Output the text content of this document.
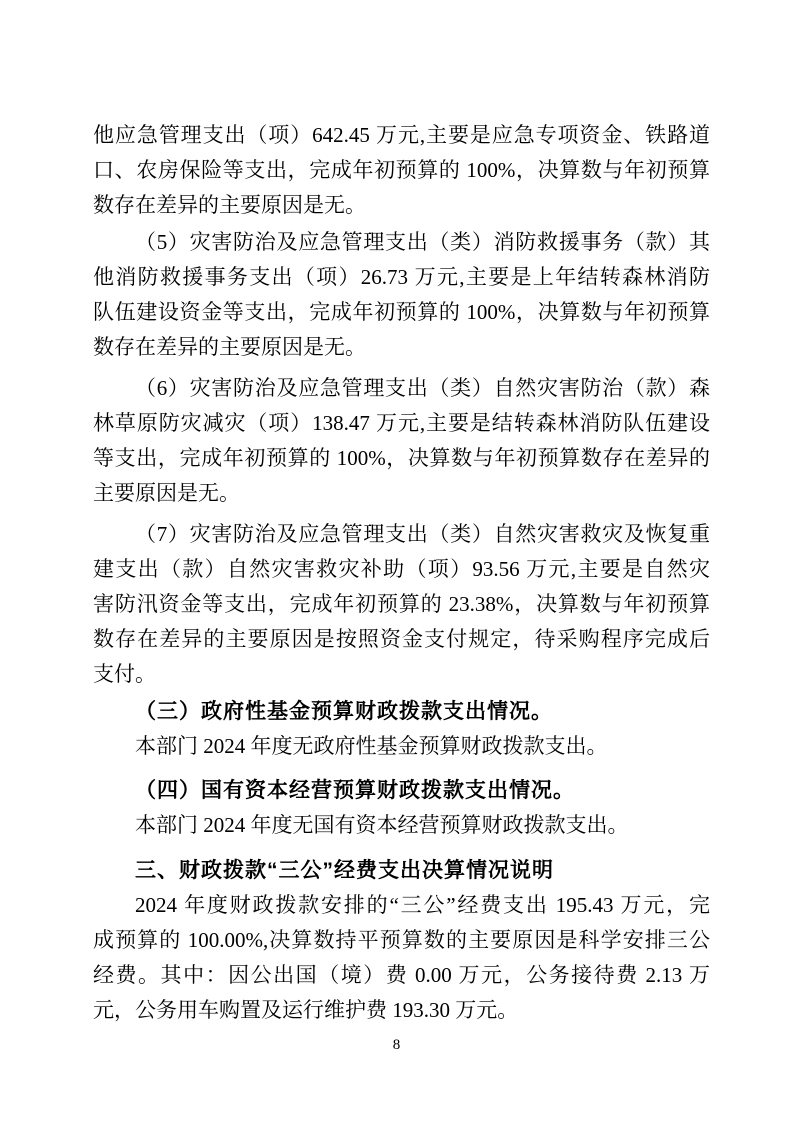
他应急管理支出（项）642.45 万元,主要是应急专项资金、铁路道
口、农房保险等支出，完成年初预算的 100%，决算数与年初预算
数存在差异的主要原因是无。
（5）灾害防治及应急管理支出（类）消防救援事务（款）其
他消防救援事务支出（项）26.73 万元,主要是上年结转森林消防
队伍建设资金等支出，完成年初预算的 100%，决算数与年初预算
数存在差异的主要原因是无。
（6）灾害防治及应急管理支出（类）自然灾害防治（款）森
林草原防灾减灾（项）138.47 万元,主要是结转森林消防队伍建设
等支出，完成年初预算的 100%，决算数与年初预算数存在差异的
主要原因是无。
（7）灾害防治及应急管理支出（类）自然灾害救灾及恢复重
建支出（款）自然灾害救灾补助（项）93.56 万元,主要是自然灾
害防汛资金等支出，完成年初预算的 23.38%，决算数与年初预算
数存在差异的主要原因是按照资金支付规定，待采购程序完成后
支付。
（三）政府性基金预算财政拨款支出情况。
本部门 2024 年度无政府性基金预算财政拨款支出。
（四）国有资本经营预算财政拨款支出情况。
本部门 2024 年度无国有资本经营预算财政拨款支出。
三、财政拨款“三公”经费支出决算情况说明
2024 年度财政拨款安排的“三公”经费支出 195.43 万元，完
成预算的 100.00%,决算数持平预算数的主要原因是科学安排三公
经费。其中：因公出国（境）费 0.00 万元，公务接待费 2.13 万
元，公务用车购置及运行维护费 193.30 万元。
8
